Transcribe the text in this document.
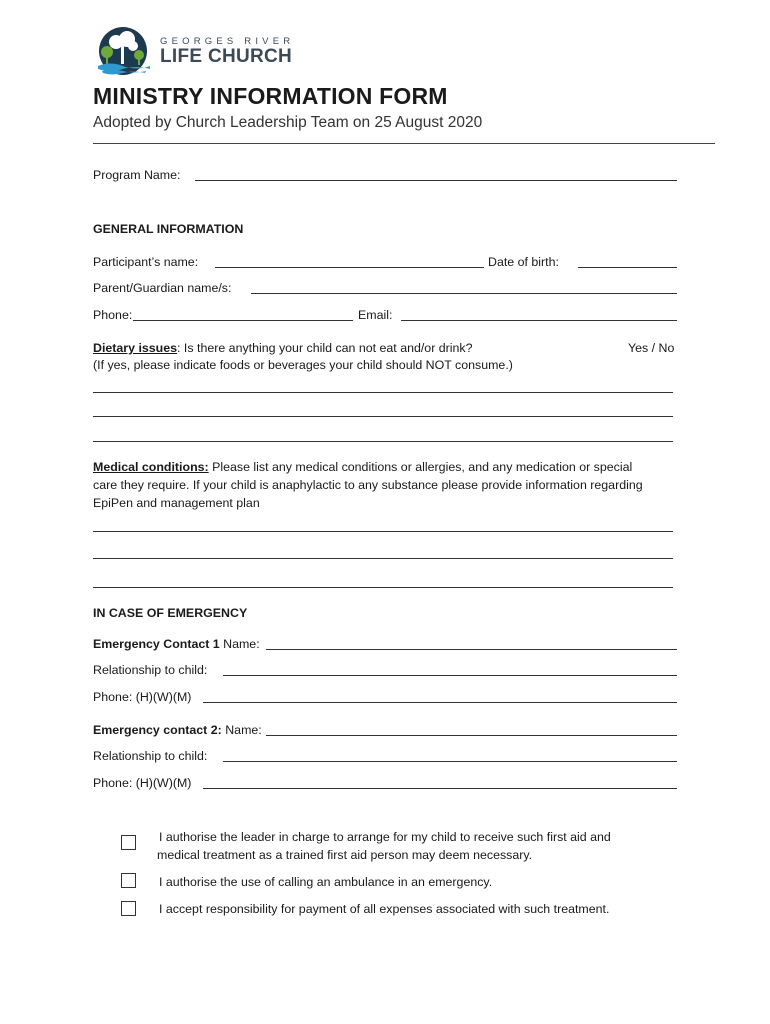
GEORGES RIVER
LIFE CHURCH
MINISTRY INFORMATION FORM
Adopted by Church Leadership Team on 25 August 2020
Program Name:
GENERAL INFORMATION
Participant’s name:	Date of birth:
Parent/Guardian name/s:
Phone:	Email:
Dietary issues: Is there anything your child can not eat and/or drink?	Yes / No
(If yes, please indicate foods or beverages your child should NOT consume.)
Medical conditions: Please list any medical conditions or allergies, and any medication or special
care they require. If your child is anaphylactic to any substance please provide information regarding
EpiPen and management plan
IN CASE OF EMERGENCY
Emergency Contact 1 Name:
Relationship to child:
Phone: (H)(W)(M)
Emergency contact 2: Name:
Relationship to child:
Phone: (H)(W)(M)
I authorise the leader in charge to arrange for my child to receive such first aid and
medical treatment as a trained first aid person may deem necessary.
I authorise the use of calling an ambulance in an emergency.
I accept responsibility for payment of all expenses associated with such treatment.
